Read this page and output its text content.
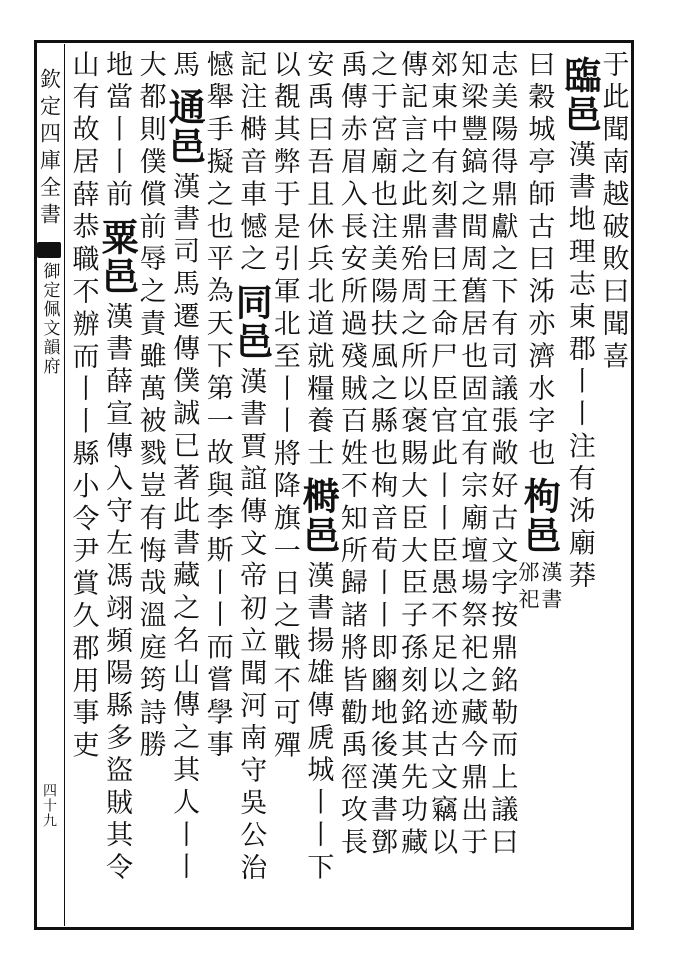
欽定四庫全書
御定佩文韻府
四十九
于此聞南越
破敗曰聞喜
臨邑
漢書地理志東郡丨丨注有泲廟莽
曰穀城亭師古曰泲亦濟水字也
枸邑
漢書
邠祀
志美陽得鼎獻之下有司議張敞好古文字按鼎銘勒而上議曰
知梁豐鎬之間周舊居也固宜有宗廟壇場祭祀之藏今鼎出于
郊東中有刻書曰王命尸臣官此丨丨臣愚不足以迹古文竊以
傳記言之此鼎殆周之所以褒賜大臣大臣子孫刻銘其先功藏
之于宮廟也注美陽扶風之縣也栒音荀丨丨即豳地後漢書鄧
禹傳赤眉入長安所過殘賊百姓不知所歸諸將皆勸禹徑攻長
安禹曰吾且休兵北道就糧養士
榯邑
漢書揚雄傳虒城丨丨下
以覩其弊于是引軍北至丨丨
將降旗一日之戰不可殫
記注榯音車憾之
同邑
漢書賈誼傳文帝初立聞河南守吳公治
憾舉手擬之也
平為天下第一故與李斯丨丨而嘗學事
馬
通邑
漢書司馬遷傳僕誠已著此書藏之名山傳之其人丨丨
大都則僕償前辱之責雖萬被戮豈有悔哉溫庭筠詩勝
地當丨丨前
粟邑
漢書薛宣傳入守左馮翊頻陽縣多盜賊其令
山有故居
薛恭職不辦而丨丨縣小令尹賞久郡用事吏
